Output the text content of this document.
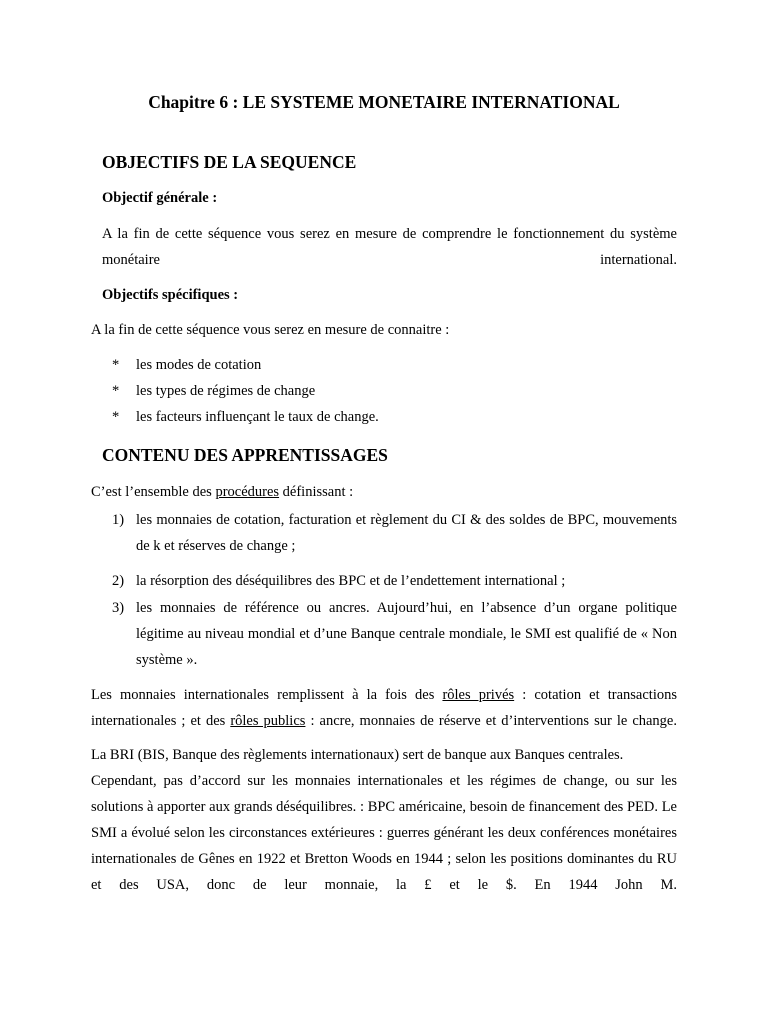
Chapitre 6 : LE SYSTEME MONETAIRE INTERNATIONAL
OBJECTIFS DE LA SEQUENCE
Objectif générale :
A la fin de cette séquence vous serez en mesure de comprendre le fonctionnement du système monétaire international.
Objectifs spécifiques :
A la fin de cette séquence vous serez en mesure de connaitre :
* les modes de cotation
* les types de régimes de change
* les facteurs influençant le taux de change.
CONTENU DES APPRENTISSAGES
C’est l’ensemble des procédures définissant :
1) les monnaies de cotation, facturation et règlement du CI & des soldes de BPC, mouvements de k et réserves de change ;
2) la résorption des déséquilibres des BPC et de l’endettement international ;
3) les monnaies de référence ou ancres. Aujourd’hui, en l’absence d’un organe politique légitime au niveau mondial et d’une Banque centrale mondiale, le SMI est qualifié de « Non système ».
Les monnaies internationales remplissent à la fois des rôles privés : cotation et transactions internationales ; et des rôles publics : ancre, monnaies de réserve et d’interventions sur le change.
La BRI (BIS, Banque des règlements internationaux) sert de banque aux Banques centrales.
Cependant, pas d’accord sur les monnaies internationales et les régimes de change, ou sur les solutions à apporter aux grands déséquilibres. : BPC américaine, besoin de financement des PED. Le SMI a évolué selon les circonstances extérieures : guerres générant les deux conférences monétaires internationales de Gênes en 1922 et Bretton Woods en 1944 ; selon les positions dominantes du RU et des USA, donc de leur monnaie, la £ et le $. En 1944 John M.
